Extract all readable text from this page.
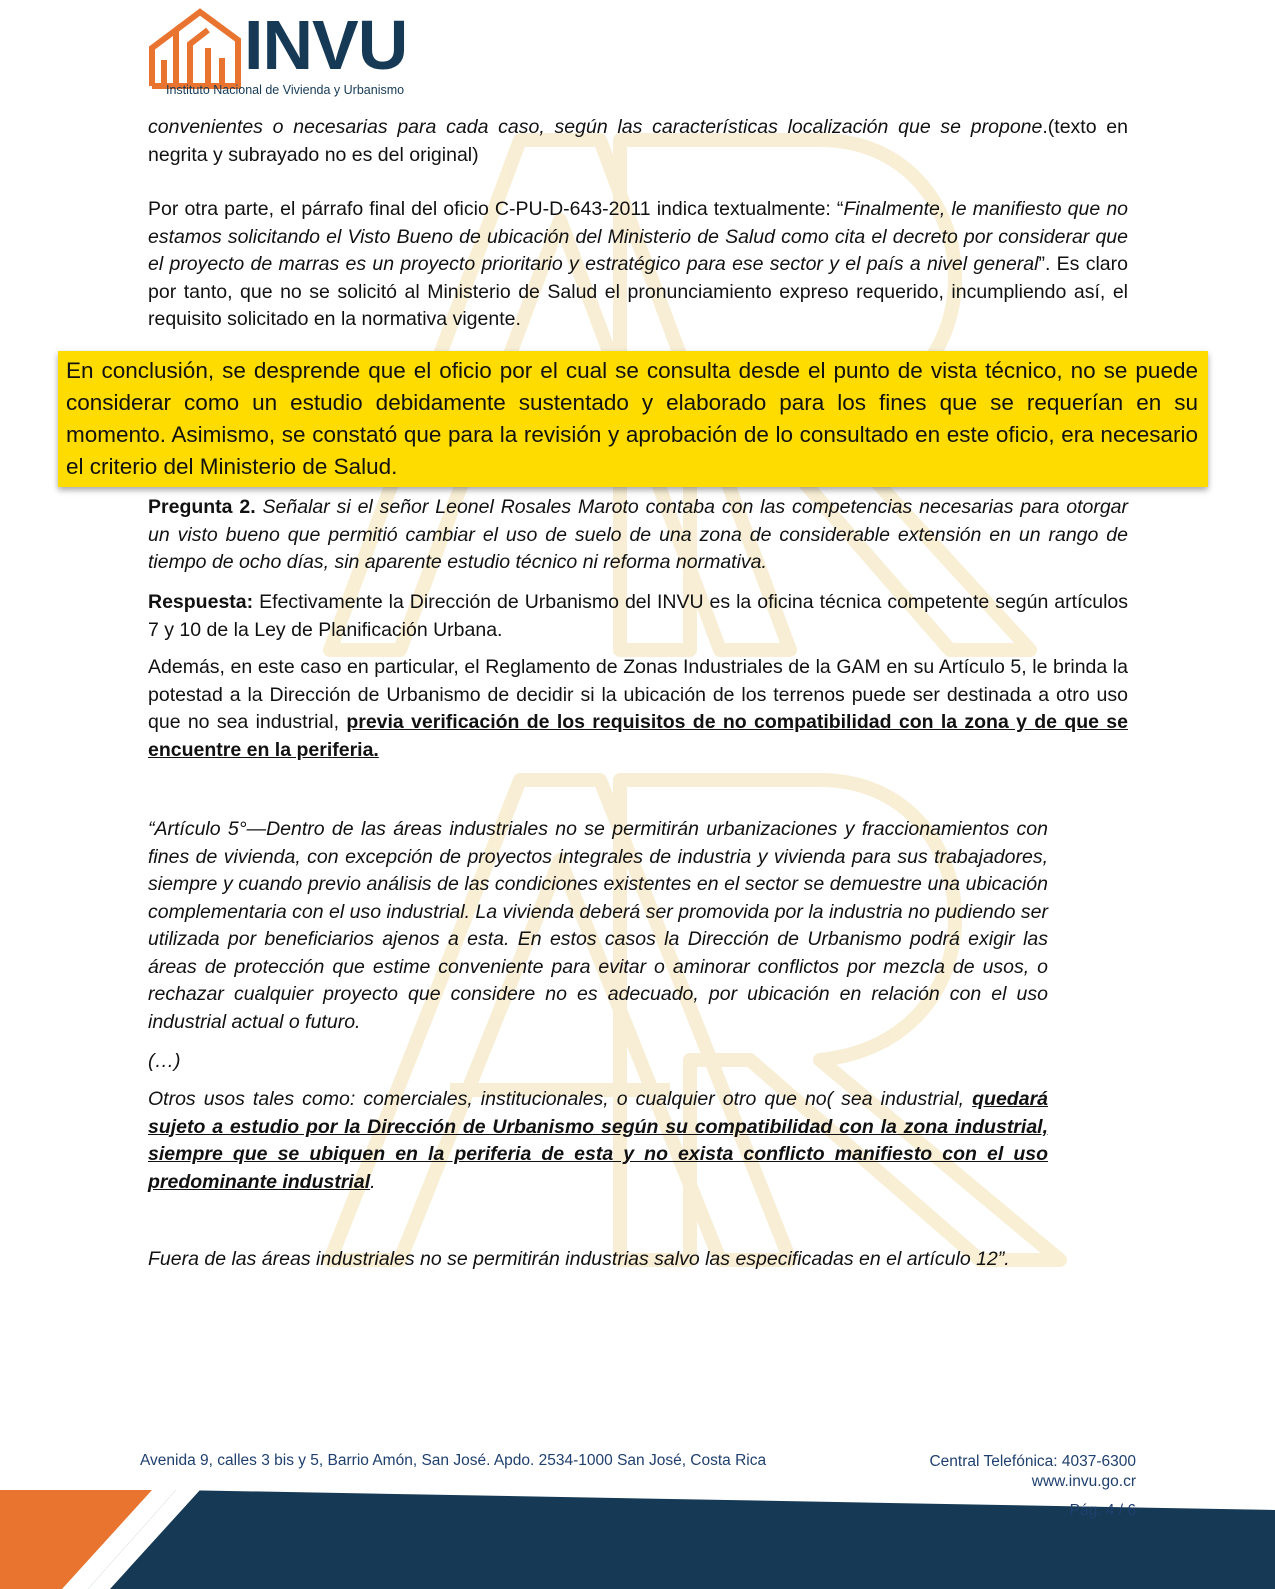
INVU
Instituto Nacional de Vivienda y Urbanismo

convenientes o necesarias para cada caso, según las características localización que se propone.(texto en negrita y subrayado no es del original)

Por otra parte, el párrafo final del oficio C-PU-D-643-2011 indica textualmente: “Finalmente, le manifiesto que no estamos solicitando el Visto Bueno de ubicación del Ministerio de Salud como cita el decreto por considerar que el proyecto de marras es un proyecto prioritario y estratégico para ese sector y el país a nivel general”. Es claro por tanto, que no se solicitó al Ministerio de Salud el pronunciamiento expreso requerido, incumpliendo así, el requisito solicitado en la normativa vigente.

En conclusión, se desprende que el oficio por el cual se consulta desde el punto de vista técnico, no se puede considerar como un estudio debidamente sustentado y elaborado para los fines que se requerían en su momento. Asimismo, se constató que para la revisión y aprobación de lo consultado en este oficio, era necesario el criterio del Ministerio de Salud.

Pregunta 2. Señalar si el señor Leonel Rosales Maroto contaba con las competencias necesarias para otorgar un visto bueno que permitió cambiar el uso de suelo de una zona de considerable extensión en un rango de tiempo de ocho días, sin aparente estudio técnico ni reforma normativa.

Respuesta: Efectivamente la Dirección de Urbanismo del INVU es la oficina técnica competente según artículos 7 y 10 de la Ley de Planificación Urbana.

Además, en este caso en particular, el Reglamento de Zonas Industriales de la GAM en su Artículo 5, le brinda la potestad a la Dirección de Urbanismo de decidir si la ubicación de los terrenos puede ser destinada a otro uso que no sea industrial, previa verificación de los requisitos de no compatibilidad con la zona y de que se encuentre en la periferia.

“Artículo 5°—Dentro de las áreas industriales no se permitirán urbanizaciones y fraccionamientos con fines de vivienda, con excepción de proyectos integrales de industria y vivienda para sus trabajadores, siempre y cuando previo análisis de las condiciones existentes en el sector se demuestre una ubicación complementaria con el uso industrial. La vivienda deberá ser promovida por la industria no pudiendo ser utilizada por beneficiarios ajenos a esta. En estos casos la Dirección de Urbanismo podrá exigir las áreas de protección que estime conveniente para evitar o aminorar conflictos por mezcla de usos, o rechazar cualquier proyecto que considere no es adecuado, por ubicación en relación con el uso industrial actual o futuro.

(…)

Otros usos tales como: comerciales, institucionales, o cualquier otro que no( sea industrial, quedará sujeto a estudio por la Dirección de Urbanismo según su compatibilidad con la zona industrial, siempre que se ubiquen en la periferia de esta y no exista conflicto manifiesto con el uso predominante industrial.

Fuera de las áreas industriales no se permitirán industrias salvo las especificadas en el artículo 12”.

Avenida 9, calles 3 bis y 5, Barrio Amón, San José. Apdo. 2534-1000 San José, Costa Rica	Central Telefónica: 4037-6300
www.invu.go.cr
Pág. 4 / 6
